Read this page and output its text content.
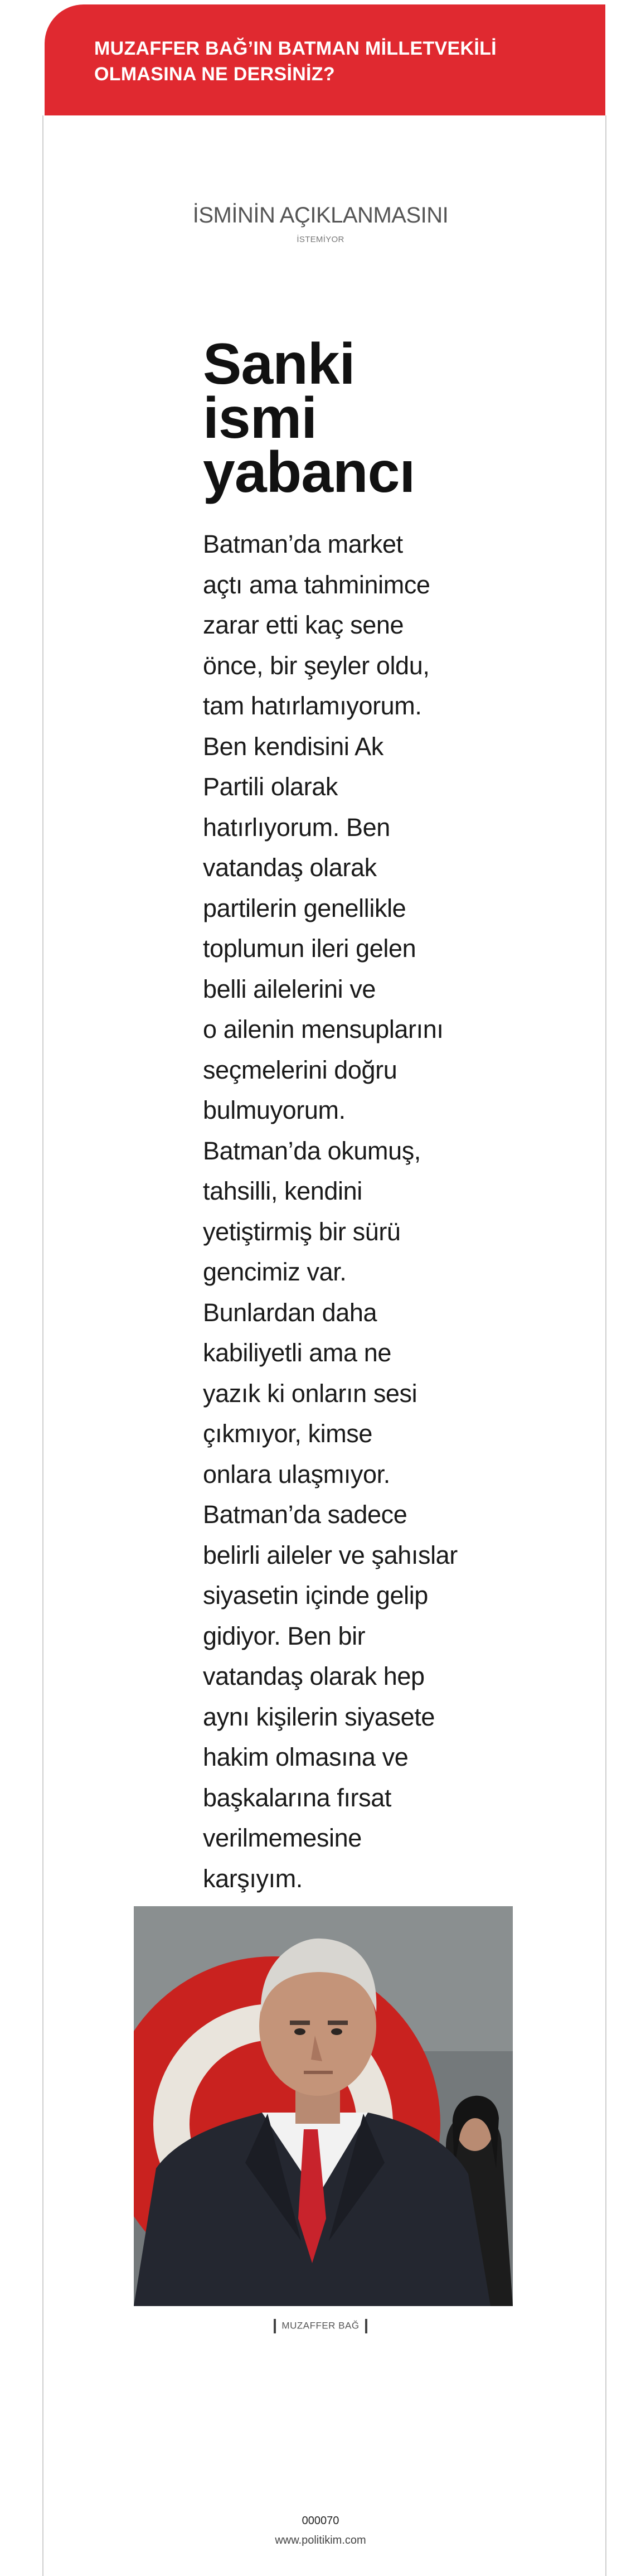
MUZAFFER BAĞ’IN BATMAN MİLLETVEKİLİ
OLMASINA NE DERSİNİZ?
İSMİNİN AÇIKLANMASINI
İSTEMİYOR
Sanki
ismi
yabancı
Batman’da market
açtı ama tahminimce
zarar etti kaç sene
önce, bir şeyler oldu,
tam hatırlamıyorum.
Ben kendisini Ak
Partili olarak
hatırlıyorum. Ben
vatandaş olarak
partilerin genellikle
toplumun ileri gelen
belli ailelerini ve
o ailenin mensuplarını
seçmelerini doğru
bulmuyorum.
Batman’da okumuş,
tahsilli, kendini
yetiştirmiş bir sürü
gencimiz var.
Bunlardan daha
kabiliyetli ama ne
yazık ki onların sesi
çıkmıyor, kimse
onlara ulaşmıyor.
Batman’da sadece
belirli aileler ve şahıslar
siyasetin içinde gelip
gidiyor. Ben bir
vatandaş olarak hep
aynı kişilerin siyasete
hakim olmasına ve
başkalarına fırsat
verilmemesine
karşıyım.
MUZAFFER BAĞ
000070
www.politikim.com
